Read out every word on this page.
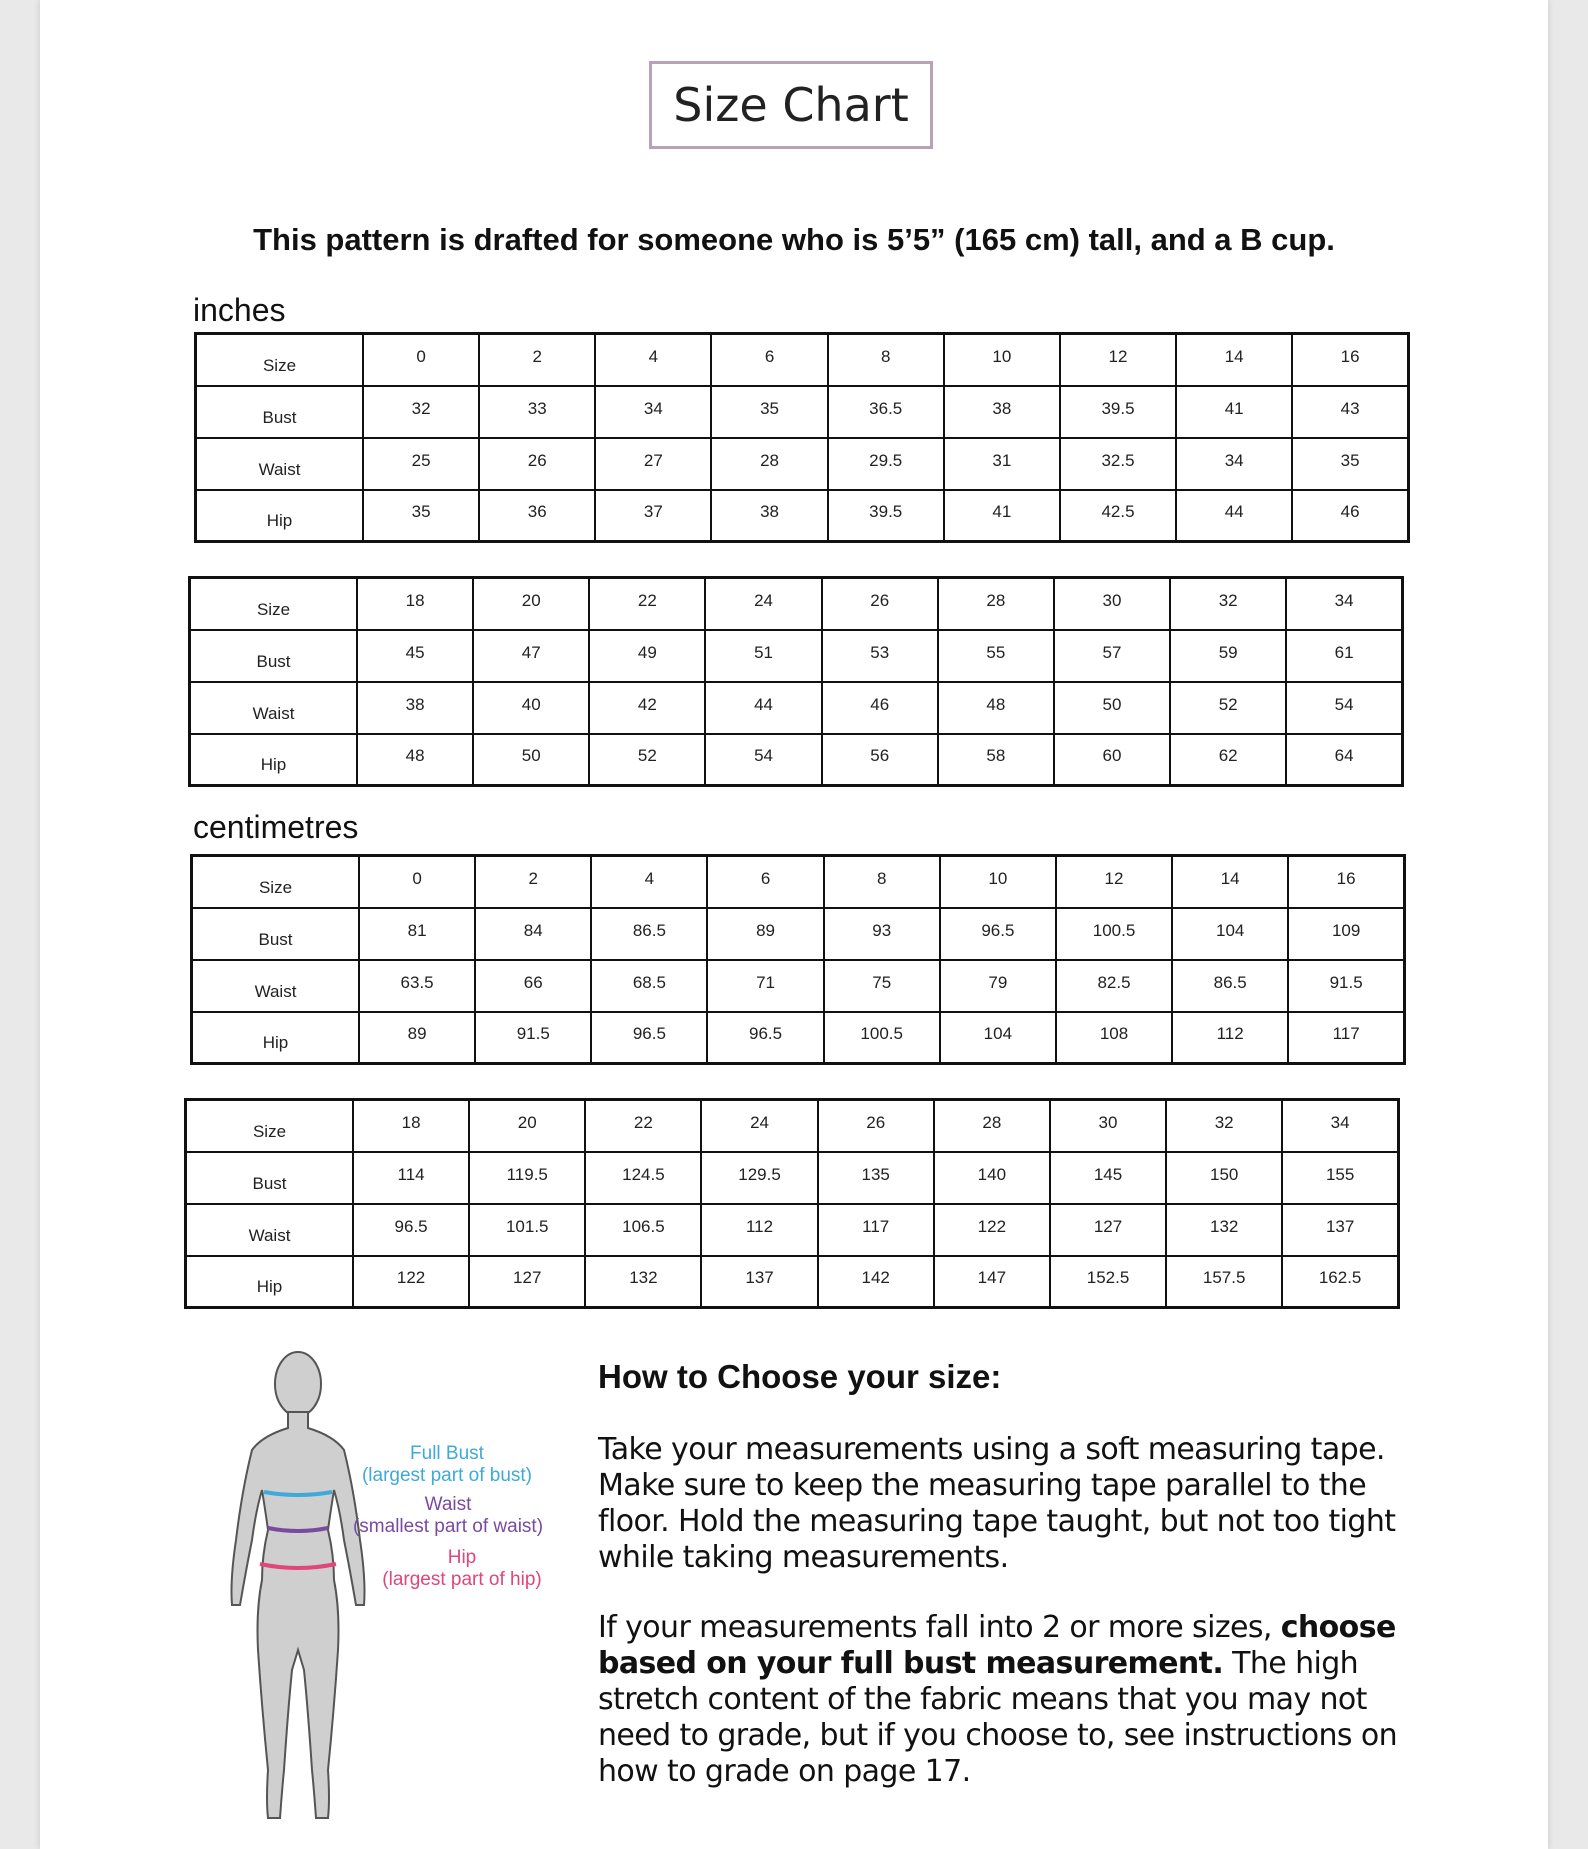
Size Chart
This pattern is drafted for someone who is 5’5” (165 cm) tall, and a B cup.
inches
Size	0	2	4	6	8	10	12	14	16
Bust	32	33	34	35	36.5	38	39.5	41	43
Waist	25	26	27	28	29.5	31	32.5	34	35
Hip	35	36	37	38	39.5	41	42.5	44	46
Size	18	20	22	24	26	28	30	32	34
Bust	45	47	49	51	53	55	57	59	61
Waist	38	40	42	44	46	48	50	52	54
Hip	48	50	52	54	56	58	60	62	64
centimetres
Size	0	2	4	6	8	10	12	14	16
Bust	81	84	86.5	89	93	96.5	100.5	104	109
Waist	63.5	66	68.5	71	75	79	82.5	86.5	91.5
Hip	89	91.5	96.5	96.5	100.5	104	108	112	117
Size	18	20	22	24	26	28	30	32	34
Bust	114	119.5	124.5	129.5	135	140	145	150	155
Waist	96.5	101.5	106.5	112	117	122	127	132	137
Hip	122	127	132	137	142	147	152.5	157.5	162.5
Full Bust
(largest part of bust)
Waist
(smallest part of waist)
Hip
(largest part of hip)
How to Choose your size:
Take your measurements using a soft measuring tape. Make sure to keep the measuring tape parallel to the floor. Hold the measuring tape taught, but not too tight while taking measurements.
If your measurements fall into 2 or more sizes, choose based on your full bust measurement. The high stretch content of the fabric means that you may not need to grade, but if you choose to, see instructions on how to grade on page 17.
